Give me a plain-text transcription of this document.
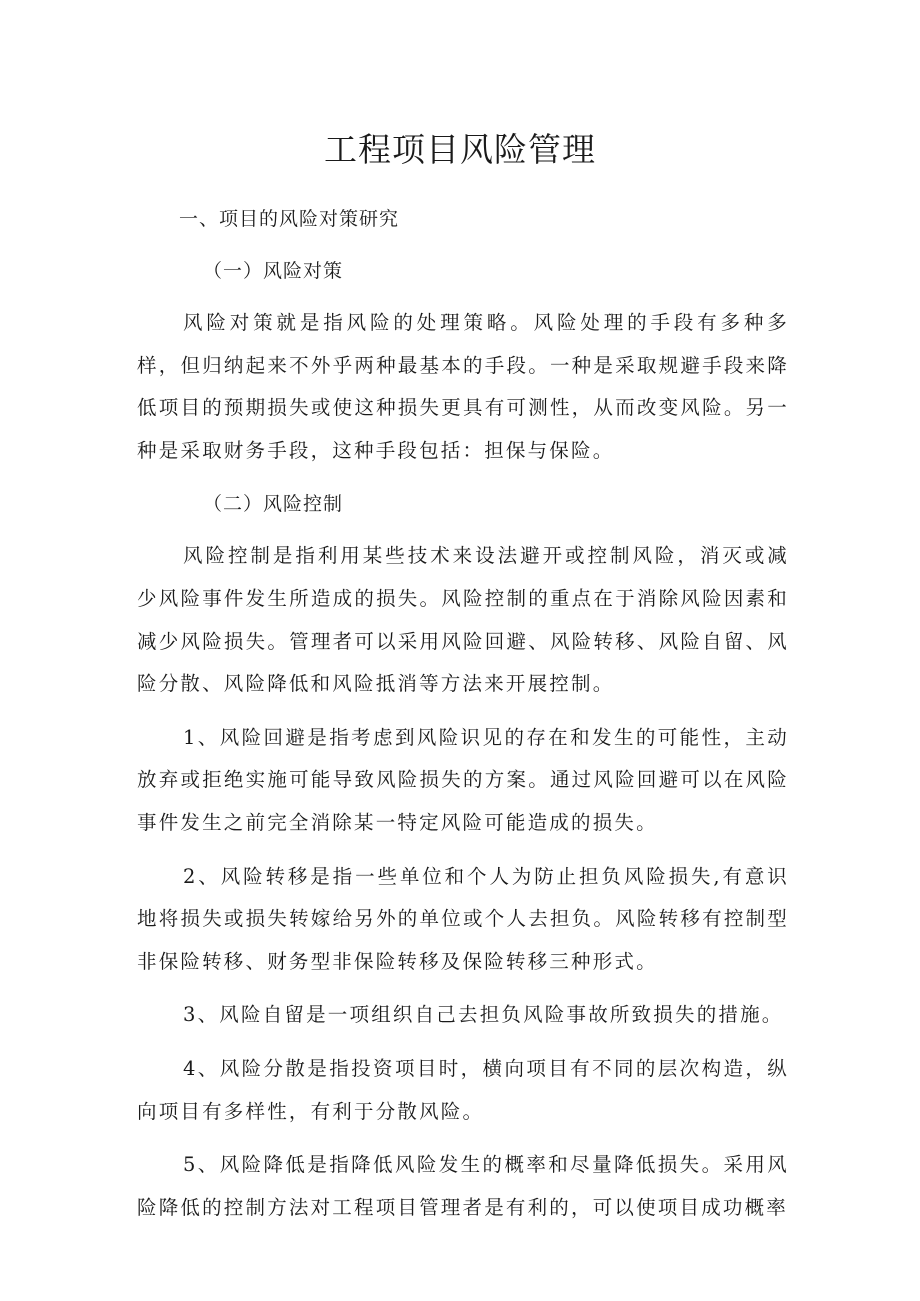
工程项目风险管理
一、项目的风险对策研究
（一）风险对策
风险对策就是指风险的处理策略。风险处理的手段有多种多样，但归纳起来不外乎两种最基本的手段。一种是采取规避手段来降低项目的预期损失或使这种损失更具有可测性，从而改变风险。另一种是采取财务手段，这种手段包括：担保与保险。
（二）风险控制
风险控制是指利用某些技术来设法避开或控制风险，消灭或减少风险事件发生所造成的损失。风险控制的重点在于消除风险因素和减少风险损失。管理者可以采用风险回避、风险转移、风险自留、风险分散、风险降低和风险抵消等方法来开展控制。
1、风险回避是指考虑到风险识见的存在和发生的可能性，主动放弃或拒绝实施可能导致风险损失的方案。通过风险回避可以在风险事件发生之前完全消除某一特定风险可能造成的损失。
2、风险转移是指一些单位和个人为防止担负风险损失,有意识地将损失或损失转嫁给另外的单位或个人去担负。风险转移有控制型非保险转移、财务型非保险转移及保险转移三种形式。
3、风险自留是一项组织自己去担负风险事故所致损失的措施。
4、风险分散是指投资项目时，横向项目有不同的层次构造，纵向项目有多样性，有利于分散风险。
5、风险降低是指降低风险发生的概率和尽量降低损失。采用风险降低的控制方法对工程项目管理者是有利的，可以使项目成功概率
